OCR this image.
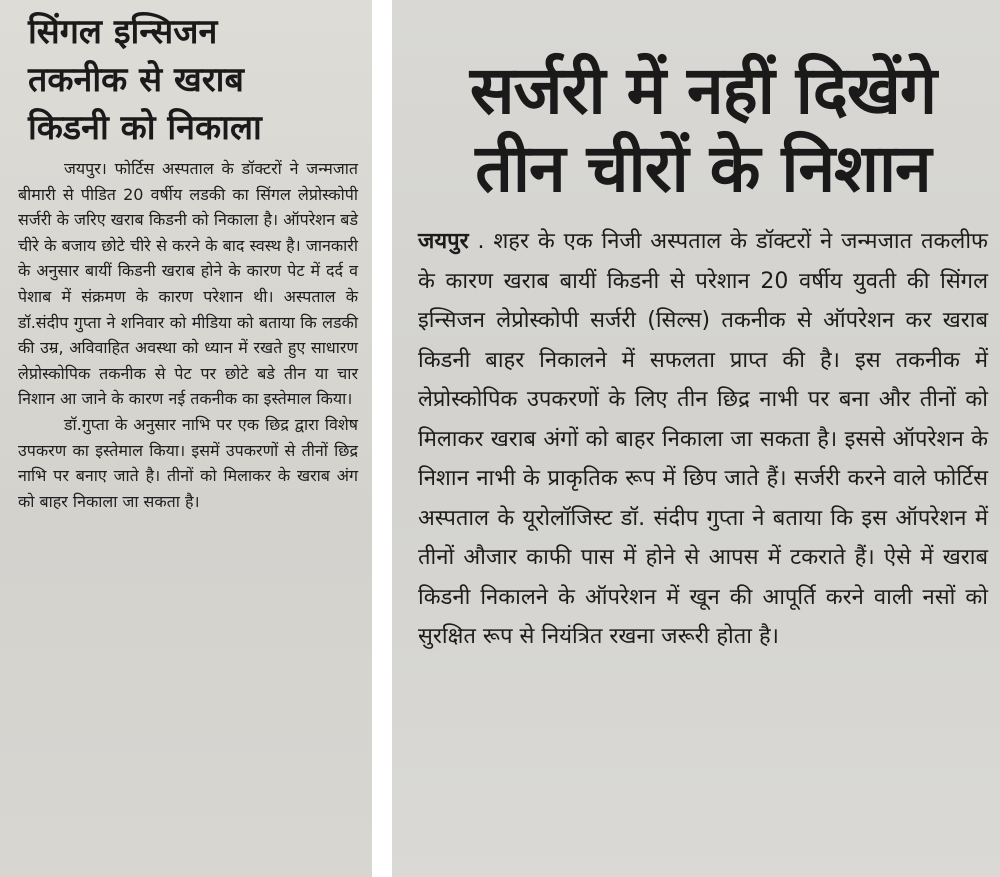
सिंगल इन्सिजन
तकनीक से खराब
किडनी को निकाला

जयपुर। फोर्टिस अस्पताल के डॉक्टरों ने जन्मजात बीमारी से पीडित 20 वर्षीय लडकी का सिंगल लेप्रोस्कोपी सर्जरी के जरिए खराब किडनी को निकाला है। ऑपरेशन बडे चीरे के बजाय छोटे चीरे से करने के बाद स्वस्थ है। जानकारी के अनुसार बायीं किडनी खराब होने के कारण पेट में दर्द व पेशाब में संक्रमण के कारण परेशान थी। अस्पताल के डॉ.संदीप गुप्ता ने शनिवार को मीडिया को बताया कि लडकी की उम्र, अविवाहित अवस्था को ध्यान में रखते हुए साधारण लेप्रोस्कोपिक तकनीक से पेट पर छोटे बडे तीन या चार निशान आ जाने के कारण नई तकनीक का इस्तेमाल किया।

डॉ.गुप्ता के अनुसार नाभि पर एक छिद्र द्वारा विशेष उपकरण का इस्तेमाल किया। इसमें उपकरणों से तीनों छिद्र नाभि पर बनाए जाते है। तीनों को मिलाकर के खराब अंग को बाहर निकाला जा सकता है।

सर्जरी में नहीं दिखेंगे
तीन चीरों के निशान

जयपुर . शहर के एक निजी अस्पताल के डॉक्टरों ने जन्मजात तकलीफ के कारण खराब बायीं किडनी से परेशान 20 वर्षीय युवती की सिंगल इन्सिजन लेप्रोस्कोपी सर्जरी (सिल्स) तकनीक से ऑपरेशन कर खराब किडनी बाहर निकालने में सफलता प्राप्त की है। इस तकनीक में लेप्रोस्कोपिक उपकरणों के लिए तीन छिद्र नाभी पर बना और तीनों को मिलाकर खराब अंगों को बाहर निकाला जा सकता है। इससे ऑपरेशन के निशान नाभी के प्राकृतिक रूप में छिप जाते हैं। सर्जरी करने वाले फोर्टिस अस्पताल के यूरोलॉजिस्ट डॉ. संदीप गुप्ता ने बताया कि इस ऑपरेशन में तीनों औजार काफी पास में होने से आपस में टकराते हैं। ऐसे में खराब किडनी निकालने के ऑपरेशन में खून की आपूर्ति करने वाली नसों को सुरक्षित रूप से नियंत्रित रखना जरूरी होता है।
